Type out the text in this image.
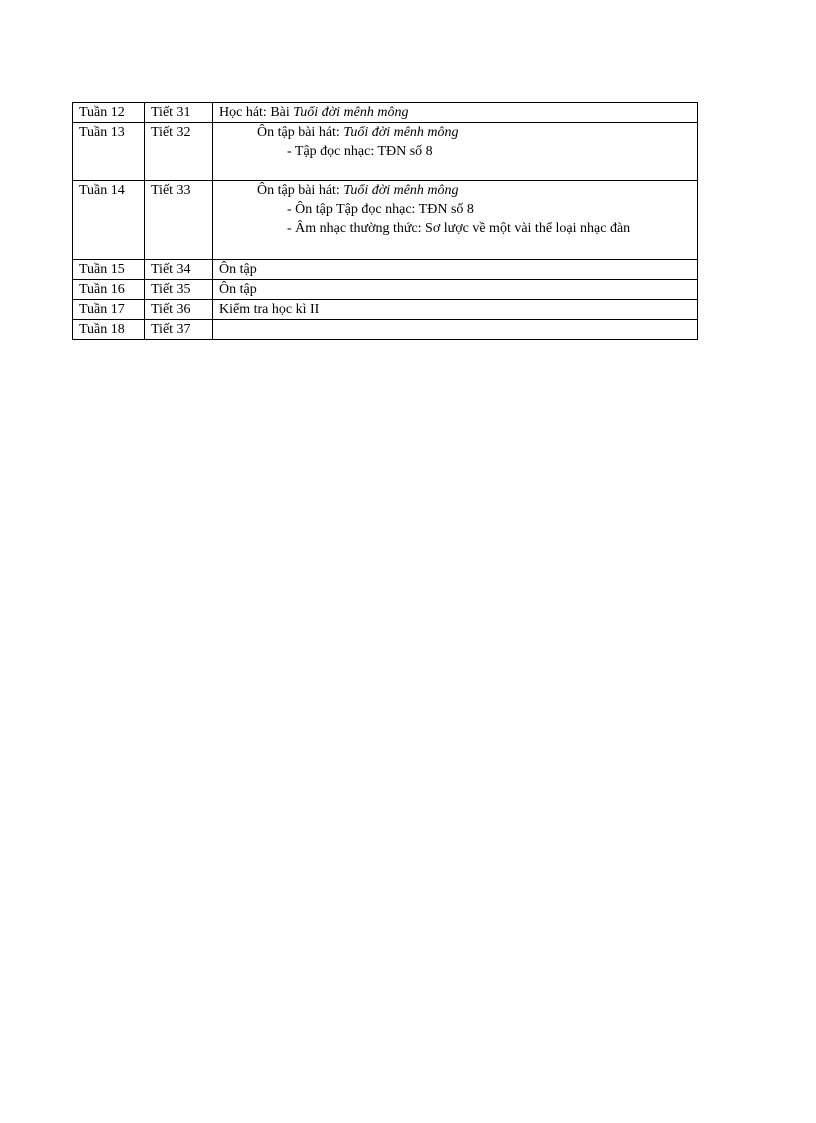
Tuần 12	Tiết 31	Học hát: Bài Tuổi đời mênh mông

Tuần 13	Tiết 32	Ôn tập bài hát: Tuổi đời mênh mông
- Tập đọc nhạc: TĐN số 8

Tuần 14	Tiết 33	Ôn tập bài hát: Tuổi đời mênh mông
- Ôn tập Tập đọc nhạc: TĐN số 8
- Âm nhạc thường thức: Sơ lược về một vài thể loại nhạc đàn

Tuần 15	Tiết 34	Ôn tập

Tuần 16	Tiết 35	Ôn tập

Tuần 17	Tiết 36	Kiểm tra học kì II

Tuần 18	Tiết 37	
